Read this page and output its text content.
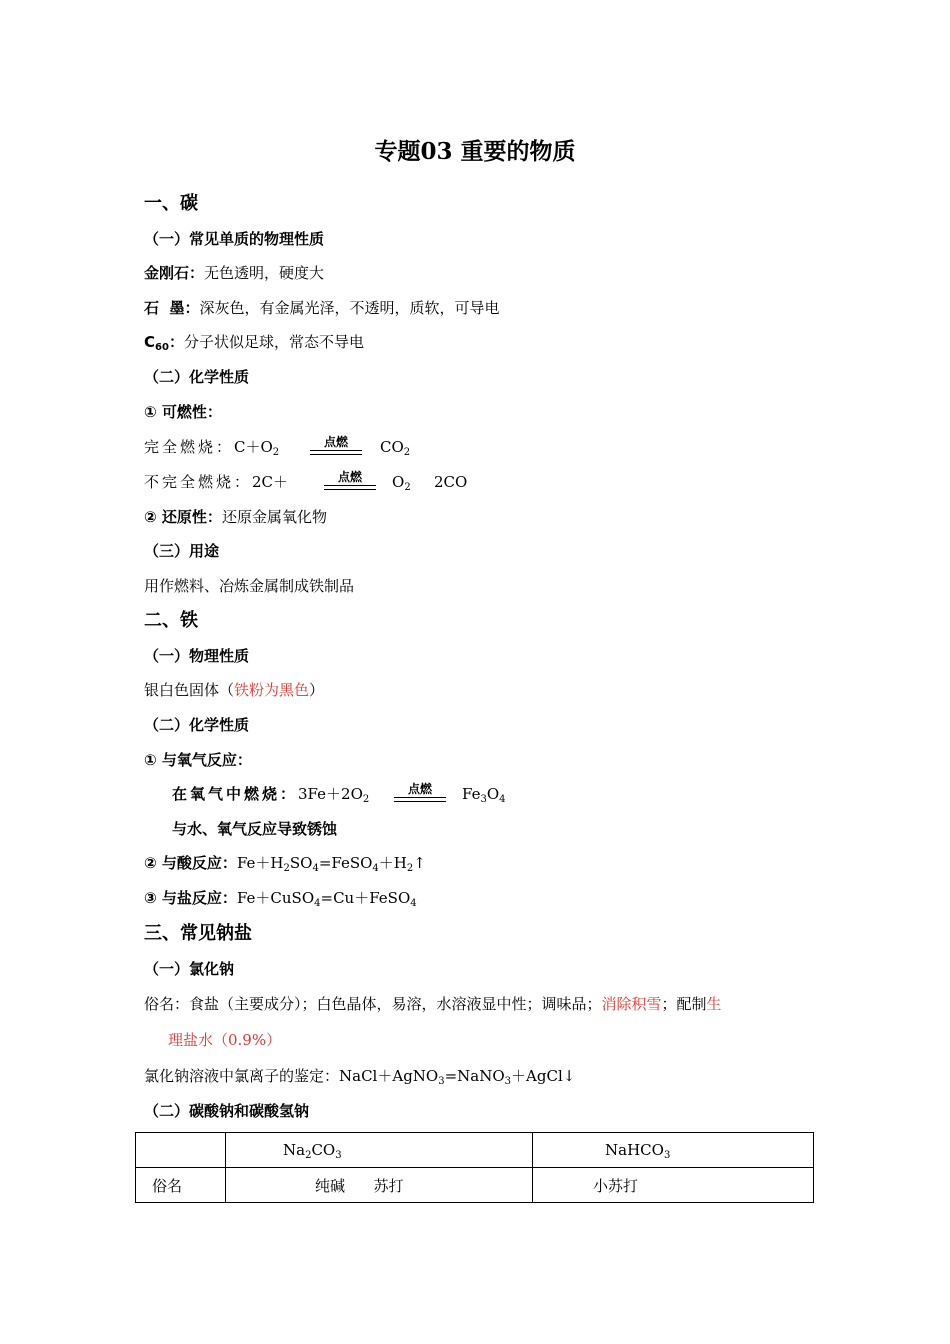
专题03 重要的物质
一、碳
（一）常见单质的物理性质
金刚石：无色透明，硬度大
石  墨：深灰色，有金属光泽，不透明，质软，可导电
$C_{60}$：分子状似足球，常态不导电
（二）化学性质
① 可燃性：
完全燃烧：$C+O_2$
点燃	$CO_2$
不完全燃烧：2C＋	点燃	$O_2$ 2CO
② 还原性：还原金属氧化物
（三）用途
用作燃料、冶炼金属制成铁制品
二、铁
（一）物理性质
银白色固体（铁粉为黑色）
（二）化学性质
① 与氧气反应：
在氧气中燃烧：$3Fe+2O_2$
点燃	$Fe_3O_4$
与水、氧气反应导致锈蚀
② 与酸反应：$Fe+H_2SO_4=FeSO_4+H_2↑$
③ 与盐反应：Fe＋CuSO$_4$=Cu＋FeSO$_4$
三、常见钠盐
（一）氯化钠
俗名：食盐（主要成分）；白色晶体，易溶，水溶液显中性；调味品；消除积雪；配制生
理盐水（0.9%）
氯化钠溶液中氯离子的鉴定：NaCl＋AgNO$_3$=NaNO$_3$＋AgCl↓
（二）碳酸钠和碳酸氢钠
	$Na_2CO_3$	NaHCO$_3$
俗名	纯碱      苏打	小苏打
